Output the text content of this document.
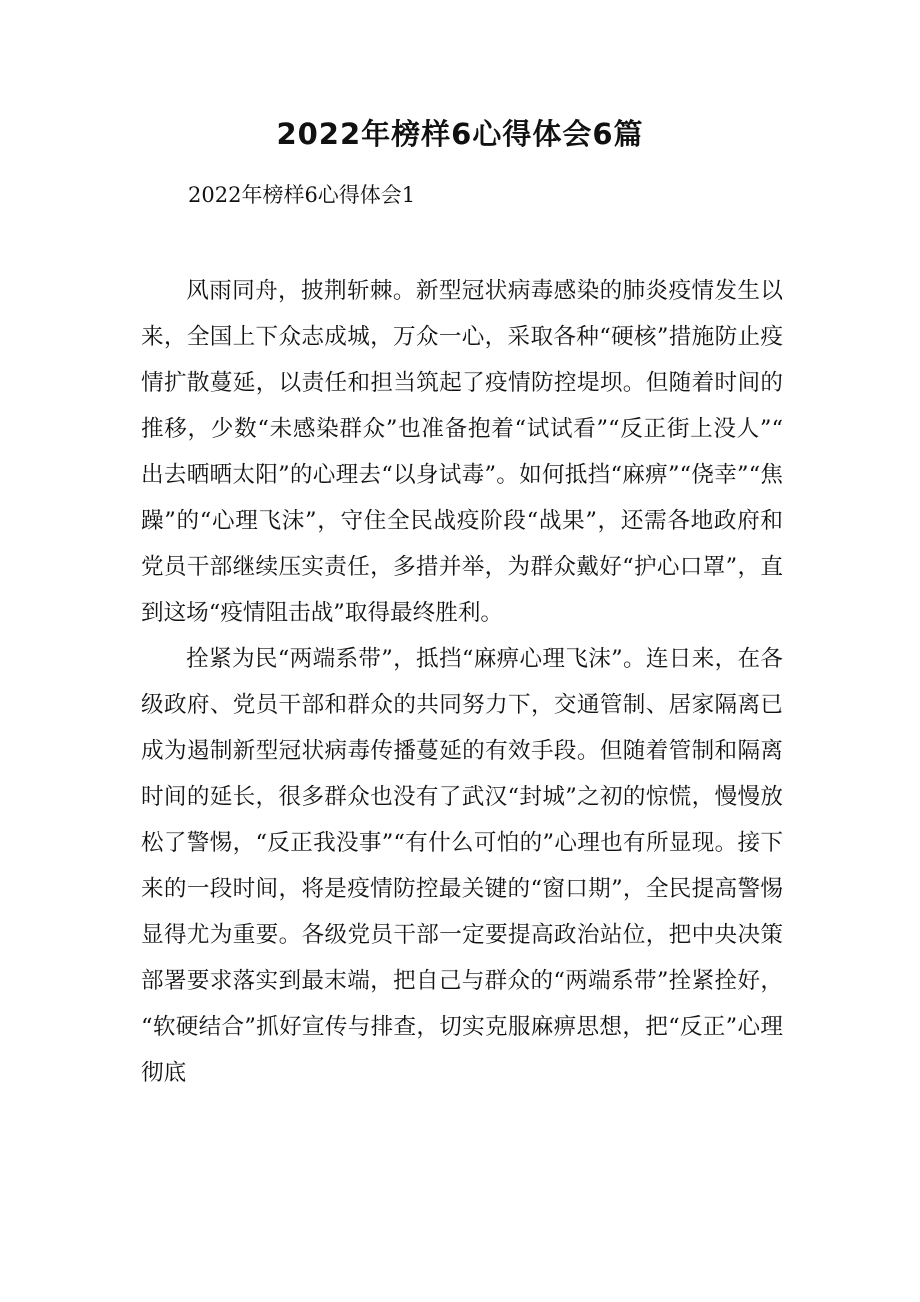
2022年榜样6心得体会6篇

2022年榜样6心得体会1

风雨同舟，披荆斩棘。新型冠状病毒感染的肺炎疫情发生以来，全国上下众志成城，万众一心，采取各种“硬核”措施防止疫情扩散蔓延，以责任和担当筑起了疫情防控堤坝。但随着时间的推移，少数“未感染群众”也准备抱着“试试看”“反正街上没人”“出去晒晒太阳”的心理去“以身试毒”。如何抵挡“麻痹”“侥幸”“焦躁”的“心理飞沫”，守住全民战疫阶段“战果”，还需各地政府和党员干部继续压实责任，多措并举，为群众戴好“护心口罩”，直到这场“疫情阻击战”取得最终胜利。

拴紧为民“两端系带”，抵挡“麻痹心理飞沫”。连日来，在各级政府、党员干部和群众的共同努力下，交通管制、居家隔离已成为遏制新型冠状病毒传播蔓延的有效手段。但随着管制和隔离时间的延长，很多群众也没有了武汉“封城”之初的惊慌，慢慢放松了警惕，“反正我没事”“有什么可怕的”心理也有所显现。接下来的一段时间，将是疫情防控最关键的“窗口期”，全民提高警惕显得尤为重要。各级党员干部一定要提高政治站位，把中央决策部署要求落实到最末端，把自己与群众的“两端系带”拴紧拴好，“软硬结合”抓好宣传与排查，切实克服麻痹思想，把“反正”心理彻底
